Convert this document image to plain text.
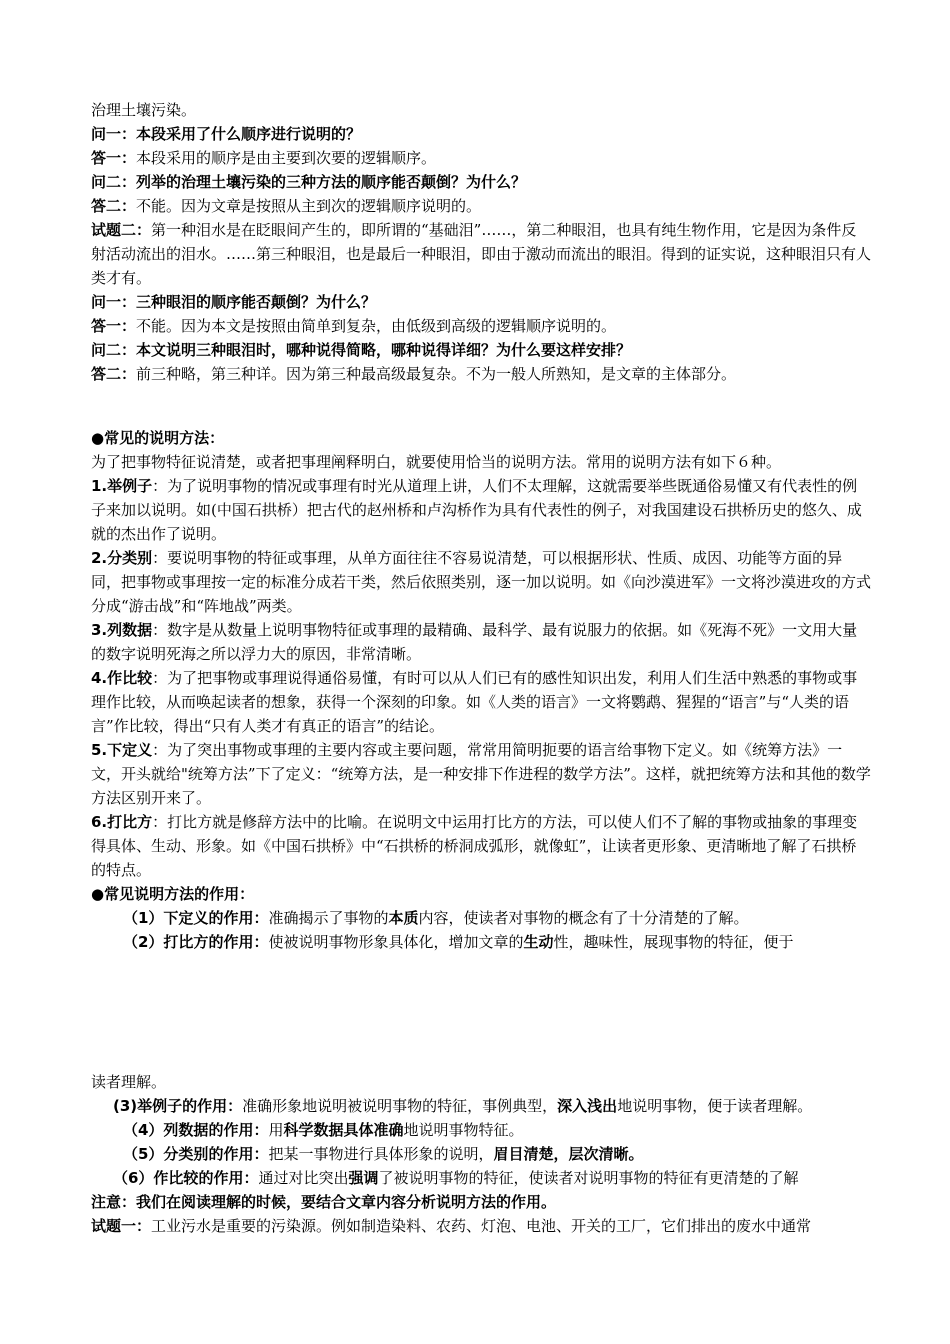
治理土壤污染。
问一：本段采用了什么顺序进行说明的？
答一：本段采用的顺序是由主要到次要的逻辑顺序。
问二：列举的治理土壤污染的三种方法的顺序能否颠倒？为什么？
答二：不能。因为文章是按照从主到次的逻辑顺序说明的。
试题二：第一种泪水是在眨眼间产生的，即所谓的“基础泪”……，第二种眼泪，也具有纯生物作用，它是因为条件反射活动流出的泪水。……第三种眼泪，也是最后一种眼泪，即由于激动而流出的眼泪。得到的证实说，这种眼泪只有人类才有。
问一：三种眼泪的顺序能否颠倒？为什么？
答一：不能。因为本文是按照由简单到复杂，由低级到高级的逻辑顺序说明的。
问二：本文说明三种眼泪时，哪种说得简略，哪种说得详细？为什么要这样安排？
答二：前三种略，第三种详。因为第三种最高级最复杂。不为一般人所熟知，是文章的主体部分。
●常见的说明方法：
为了把事物特征说清楚，或者把事理阐释明白，就要使用恰当的说明方法。常用的说明方法有如下６种。
1.举例子：为了说明事物的情况或事理有时光从道理上讲，人们不太理解，这就需要举些既通俗易懂又有代表性的例子来加以说明。如(中国石拱桥）把古代的赵州桥和卢沟桥作为具有代表性的例子，对我国建设石拱桥历史的悠久、成就的杰出作了说明。
2.分类别：要说明事物的特征或事理，从单方面往往不容易说清楚，可以根据形状、性质、成因、功能等方面的异同，把事物或事理按一定的标准分成若干类，然后依照类别，逐一加以说明。如《向沙漠进军》一文将沙漠进攻的方式分成“游击战”和“阵地战”两类。
3.列数据：数字是从数量上说明事物特征或事理的最精确、最科学、最有说服力的依据。如《死海不死》一文用大量的数字说明死海之所以浮力大的原因，非常清晰。
4.作比较：为了把事物或事理说得通俗易懂，有时可以从人们已有的感性知识出发，利用人们生活中熟悉的事物或事理作比较，从而唤起读者的想象，获得一个深刻的印象。如《人类的语言》一文将鹦鹉、猩猩的“语言”与“人类的语言”作比较，得出“只有人类才有真正的语言”的结论。
5.下定义：为了突出事物或事理的主要内容或主要问题，常常用简明扼要的语言给事物下定义。如《统筹方法》一文，开头就给"统筹方法”下了定义：“统筹方法，是一种安排下作进程的数学方法”。这样，就把统筹方法和其他的数学方法区别开来了。
6.打比方：打比方就是修辞方法中的比喻。在说明文中运用打比方的方法，可以使人们不了解的事物或抽象的事理变得具体、生动、形象。如《中国石拱桥》中“石拱桥的桥洞成弧形，就像虹”，让读者更形象、更清晰地了解了石拱桥的特点。
●常见说明方法的作用：
（1）下定义的作用：准确揭示了事物的本质内容，使读者对事物的概念有了十分清楚的了解。
（2）打比方的作用：使被说明事物形象具体化，增加文章的生动性，趣味性，展现事物的特征，便于
读者理解。
(3)举例子的作用：准确形象地说明被说明事物的特征，事例典型，深入浅出地说明事物，便于读者理解。
（4）列数据的作用：用科学数据具体准确地说明事物特征。
（5）分类别的作用：把某一事物进行具体形象的说明，眉目清楚，层次清晰。
（6）作比较的作用：通过对比突出强调了被说明事物的特征，使读者对说明事物的特征有更清楚的了解
注意：我们在阅读理解的时候，要结合文章内容分析说明方法的作用。
试题一：工业污水是重要的污染源。例如制造染料、农药、灯泡、电池、开关的工厂，它们排出的废水中通常
